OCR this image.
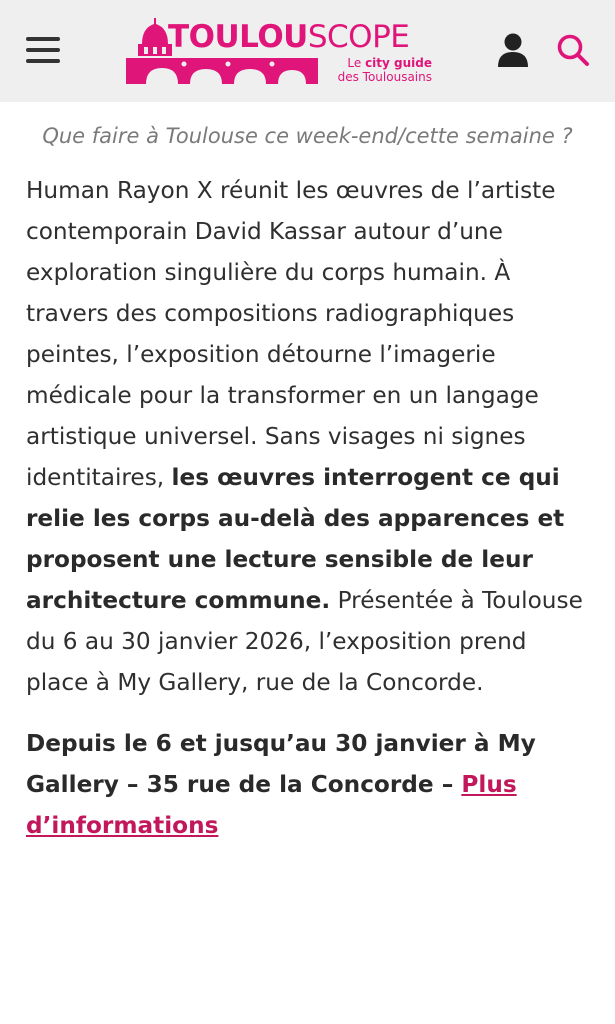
TOULOUSCOPE
Le city guide
des Toulousains

Que faire à Toulouse ce week-end/cette semaine ?

Human Rayon X réunit les œuvres de l’artiste contemporain David Kassar autour d’une exploration singulière du corps humain. À travers des compositions radiographiques peintes, l’exposition détourne l’imagerie médicale pour la transformer en un langage artistique universel. Sans visages ni signes identitaires, les œuvres interrogent ce qui relie les corps au-delà des apparences et proposent une lecture sensible de leur architecture commune. Présentée à Toulouse du 6 au 30 janvier 2026, l’exposition prend place à My Gallery, rue de la Concorde.

Depuis le 6 et jusqu’au 30 janvier à My Gallery – 35 rue de la Concorde – Plus d’informations
